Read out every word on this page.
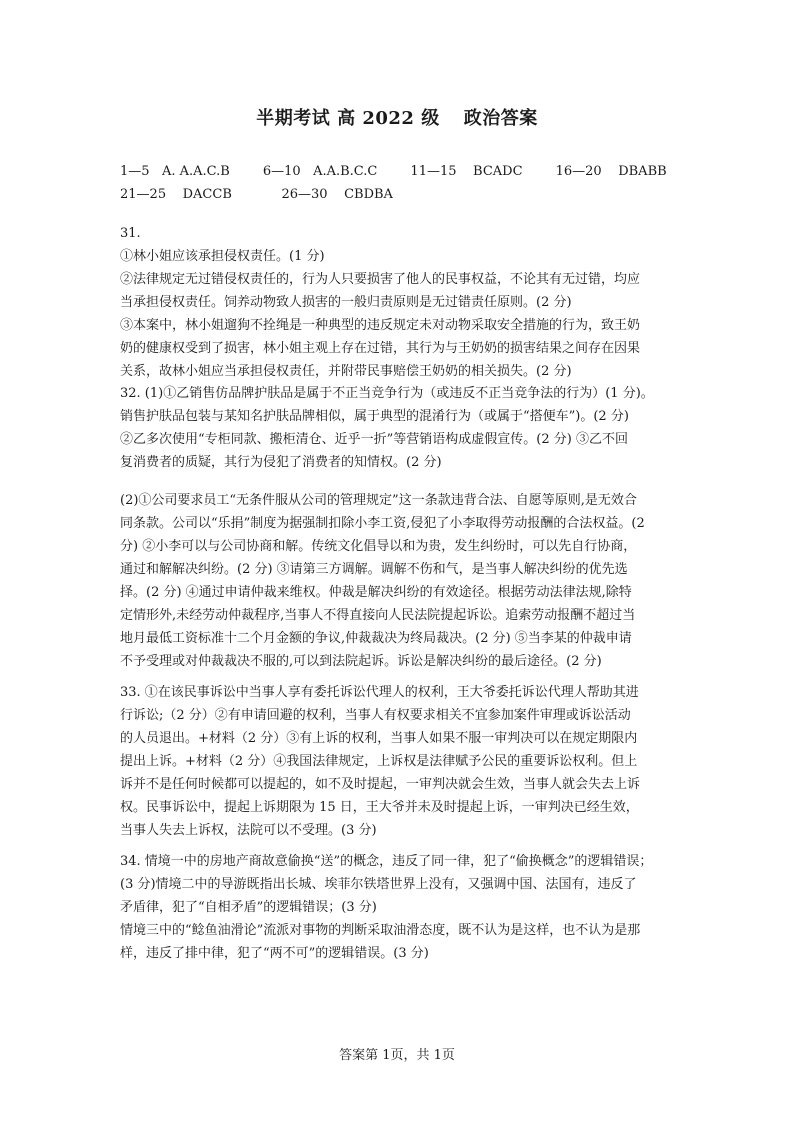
半期考试 高 2022 级 政治答案
1—5   A. A.A.C.B        6—10   A.A.B.C.C        11—15    BCADC        16—20    DBABB
21—25    DACCB            26—30    CBDBA

31.

①林小姐应该承担侵权责任。(1 分)

②法律规定无过错侵权责任的，行为人只要损害了他人的民事权益，不论其有无过错，均应

当承担侵权责任。饲养动物致人损害的一般归责原则是无过错责任原则。(2 分)

③本案中，林小姐遛狗不拴绳是一种典型的违反规定未对动物采取安全措施的行为，致王奶

奶的健康权受到了损害，林小姐主观上存在过错，其行为与王奶奶的损害结果之间存在因果

关系，故林小姐应当承担侵权责任，并附带民事赔偿王奶奶的相关损失。(2 分)

32. (1)①乙销售仿品牌护肤品是属于不正当竞争行为（或违反不正当竞争法的行为）(1 分)。

销售护肤品包装与某知名护肤品牌相似，属于典型的混淆行为（或属于“搭便车”)。(2 分)

②乙多次使用“专柜同款、搬柜清仓、近乎一折”等营销语构成虚假宣传。(2 分) ③乙不回

复消费者的质疑，其行为侵犯了消费者的知情权。(2 分)

(2)①公司要求员工“无条件服从公司的管理规定”这一条款违背合法、自愿等原则,是无效合

同条款。公司以“乐捐”制度为据强制扣除小李工资,侵犯了小李取得劳动报酬的合法权益。(2

分) ②小李可以与公司协商和解。传统文化倡导以和为贵，发生纠纷时，可以先自行协商，

通过和解解决纠纷。(2 分) ③请第三方调解。调解不伤和气，是当事人解决纠纷的优先选

择。(2 分) ④通过申请仲裁来维权。仲裁是解决纠纷的有效途径。根据劳动法律法规,除特

定情形外,未经劳动仲裁程序,当事人不得直接向人民法院提起诉讼。追索劳动报酬不超过当

地月最低工资标准十二个月金额的争议,仲裁裁决为终局裁决。(2 分) ⑤当李某的仲裁申请

不予受理或对仲裁裁决不服的,可以到法院起诉。诉讼是解决纠纷的最后途径。(2 分)

33. ①在该民事诉讼中当事人享有委托诉讼代理人的权利，王大爷委托诉讼代理人帮助其进

行诉讼;（2 分）②有申请回避的权利，当事人有权要求相关不宜参加案件审理或诉讼活动

的人员退出。+材料（2 分）③有上诉的权利，当事人如果不服一审判决可以在规定期限内

提出上诉。+材料（2 分）④我国法律规定，上诉权是法律赋予公民的重要诉讼权利。但上

诉并不是任何时候都可以提起的，如不及时提起，一审判决就会生效，当事人就会失去上诉

权。民事诉讼中，提起上诉期限为 15 日，王大爷并未及时提起上诉，一审判决已经生效，

当事人失去上诉权，法院可以不受理。(3 分)

34. 情境一中的房地产商故意偷换“送”的概念，违反了同一律，犯了“偷换概念”的逻辑错误；

(3 分)情境二中的导游既指出长城、埃菲尔铁塔世界上没有，又强调中国、法国有，违反了

矛盾律，犯了“自相矛盾”的逻辑错误；(3 分)

情境三中的“鲶鱼油滑论”流派对事物的判断采取油滑态度，既不认为是这样，也不认为是那

样，违反了排中律，犯了“两不可”的逻辑错误。(3 分)

答案第 1页，共 1页
